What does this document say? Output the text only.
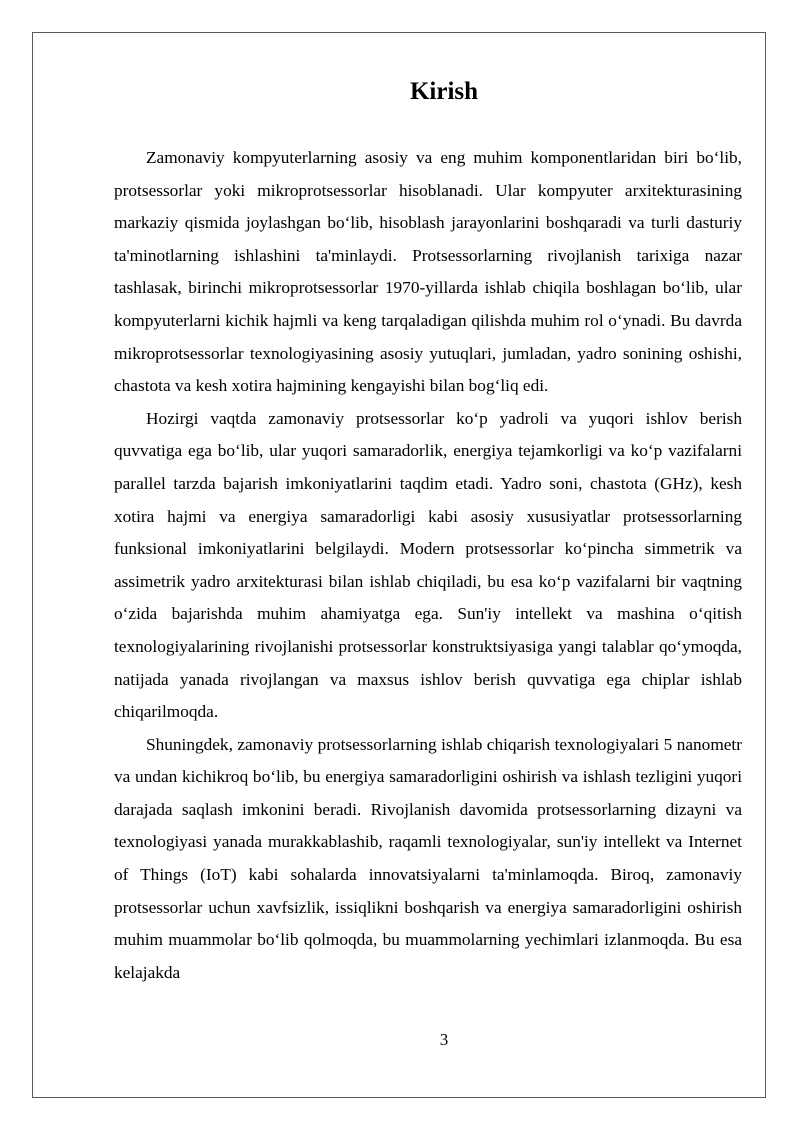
Kirish

Zamonaviy kompyuterlarning asosiy va eng muhim komponentlaridan biri bo‘lib, protsessorlar yoki mikroprotsessorlar hisoblanadi. Ular kompyuter arxitekturasining markaziy qismida joylashgan bo‘lib, hisoblash jarayonlarini boshqaradi va turli dasturiy ta'minotlarning ishlashini ta'minlaydi. Protsessorlarning rivojlanish tarixiga nazar tashlasak, birinchi mikroprotsessorlar 1970-yillarda ishlab chiqila boshlagan bo‘lib, ular kompyuterlarni kichik hajmli va keng tarqaladigan qilishda muhim rol o‘ynadi. Bu davrda mikroprotsessorlar texnologiyasining asosiy yutuqlari, jumladan, yadro sonining oshishi, chastota va kesh xotira hajmining kengayishi bilan bog‘liq edi.

Hozirgi vaqtda zamonaviy protsessorlar ko‘p yadroli va yuqori ishlov berish quvvatiga ega bo‘lib, ular yuqori samaradorlik, energiya tejamkorligi va ko‘p vazifalarni parallel tarzda bajarish imkoniyatlarini taqdim etadi. Yadro soni, chastota (GHz), kesh xotira hajmi va energiya samaradorligi kabi asosiy xususiyatlar protsessorlarning funksional imkoniyatlarini belgilaydi. Modern protsessorlar ko‘pincha simmetrik va assimetrik yadro arxitekturasi bilan ishlab chiqiladi, bu esa ko‘p vazifalarni bir vaqtning o‘zida bajarishda muhim ahamiyatga ega. Sun'iy intellekt va mashina o‘qitish texnologiyalarining rivojlanishi protsessorlar konstruktsiyasiga yangi talablar qo‘ymoqda, natijada yanada rivojlangan va maxsus ishlov berish quvvatiga ega chiplar ishlab chiqarilmoqda.

Shuningdek, zamonaviy protsessorlarning ishlab chiqarish texnologiyalari 5 nanometr va undan kichikroq bo‘lib, bu energiya samaradorligini oshirish va ishlash tezligini yuqori darajada saqlash imkonini beradi. Rivojlanish davomida protsessorlarning dizayni va texnologiyasi yanada murakkablashib, raqamli texnologiyalar, sun'iy intellekt va Internet of Things (IoT) kabi sohalarda innovatsiyalarni ta'minlamoqda. Biroq, zamonaviy protsessorlar uchun xavfsizlik, issiqlikni boshqarish va energiya samaradorligini oshirish muhim muammolar bo‘lib qolmoqda, bu muammolarning yechimlari izlanmoqda. Bu esa kelajakda

3
